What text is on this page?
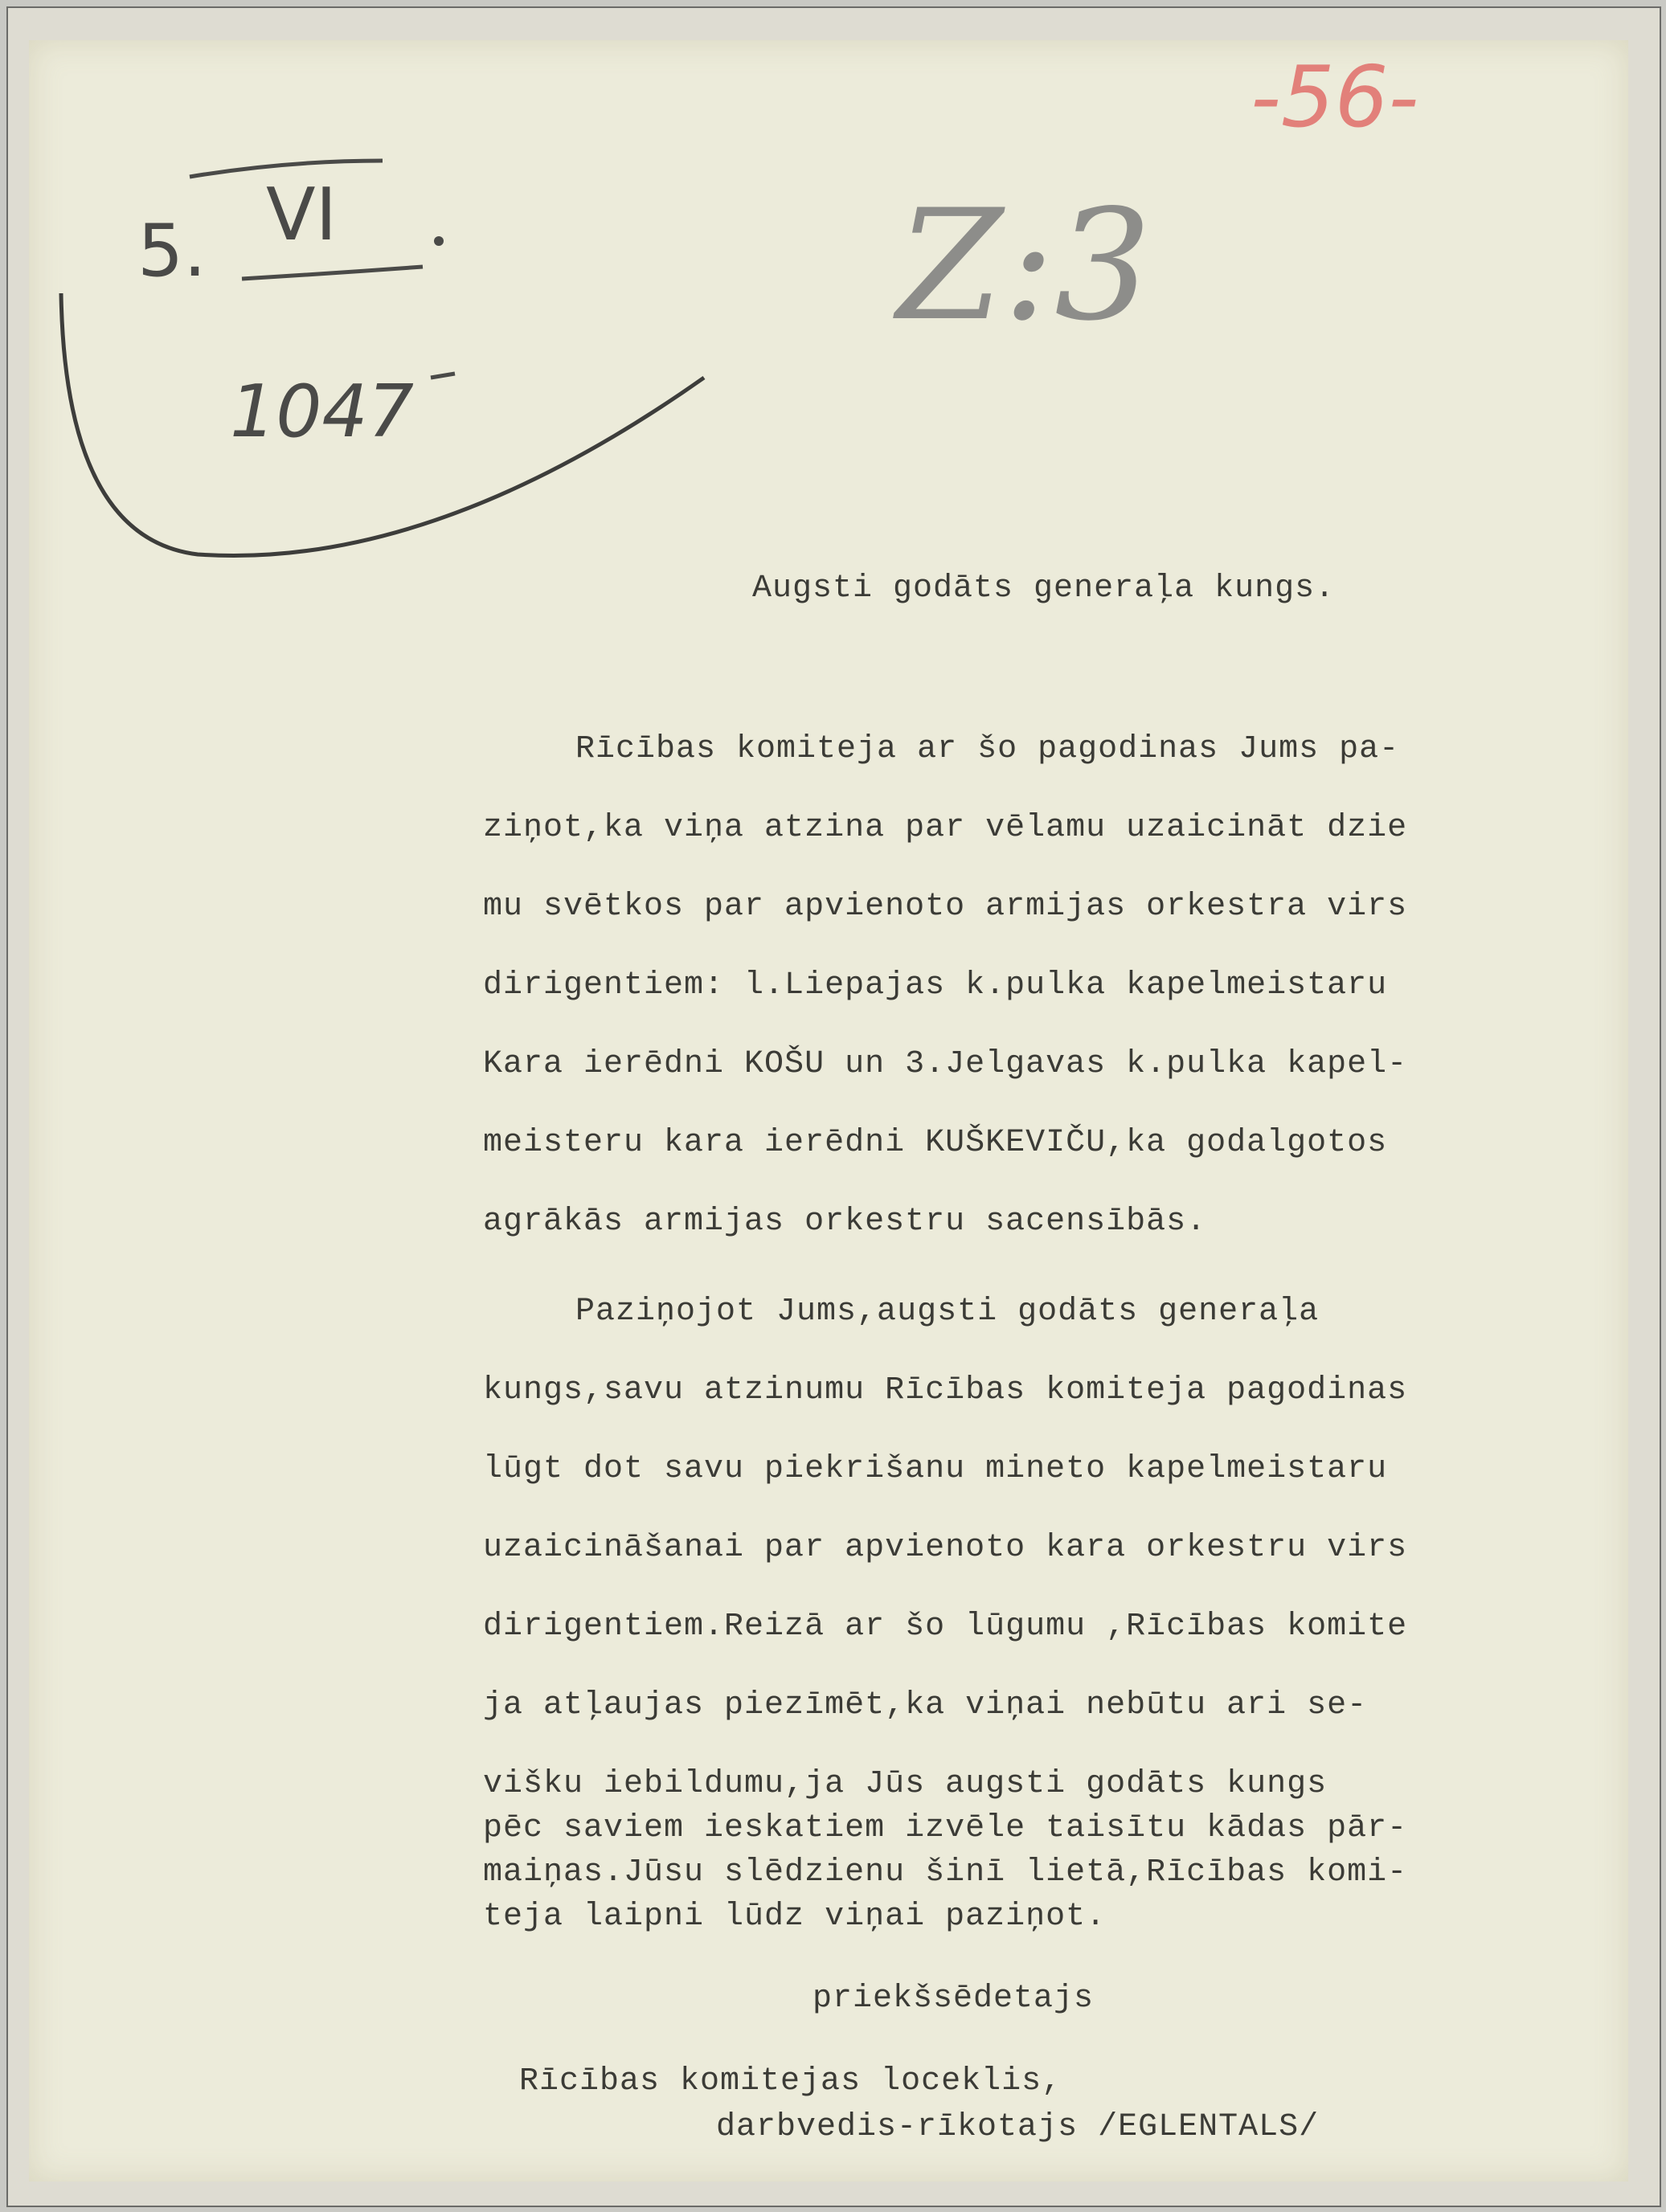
-56-
Z:3
5. VI
1047
Augsti godāts generaļa kungs.
Rīcības komiteja ar šo pagodinas Jums pa-
ziņot,ka viņa atzina par vēlamu uzaicināt dzie
mu svētkos par apvienoto armijas orkestra virs
dirigentiem: l.Liepajas k.pulka kapelmeistaru
Kara ierēdni KOŠU un 3.Jelgavas k.pulka kapel-
meisteru kara ierēdni KUŠKEVIČU,ka godalgotos
agrākās armijas orkestru sacensībās.
Paziņojot Jums,augsti godāts generaļa
kungs,savu atzinumu Rīcības komiteja pagodinas
lūgt dot savu piekrišanu mineto kapelmeistaru
uzaicināšanai par apvienoto kara orkestru virs
dirigentiem.Reizā ar šo lūgumu ,Rīcības komite
ja atļaujas piezīmēt,ka viņai nebūtu ari se-
višku iebildumu,ja Jūs augsti godāts kungs
pēc saviem ieskatiem izvēle taisītu kādas pār-
maiņas.Jūsu slēdzienu šinī lietā,Rīcības komi-
teja laipni lūdz viņai paziņot.
priekšsēdetajs
Rīcības komitejas loceklis,
darbvedis-rīkotajs /EGLENTALS/
